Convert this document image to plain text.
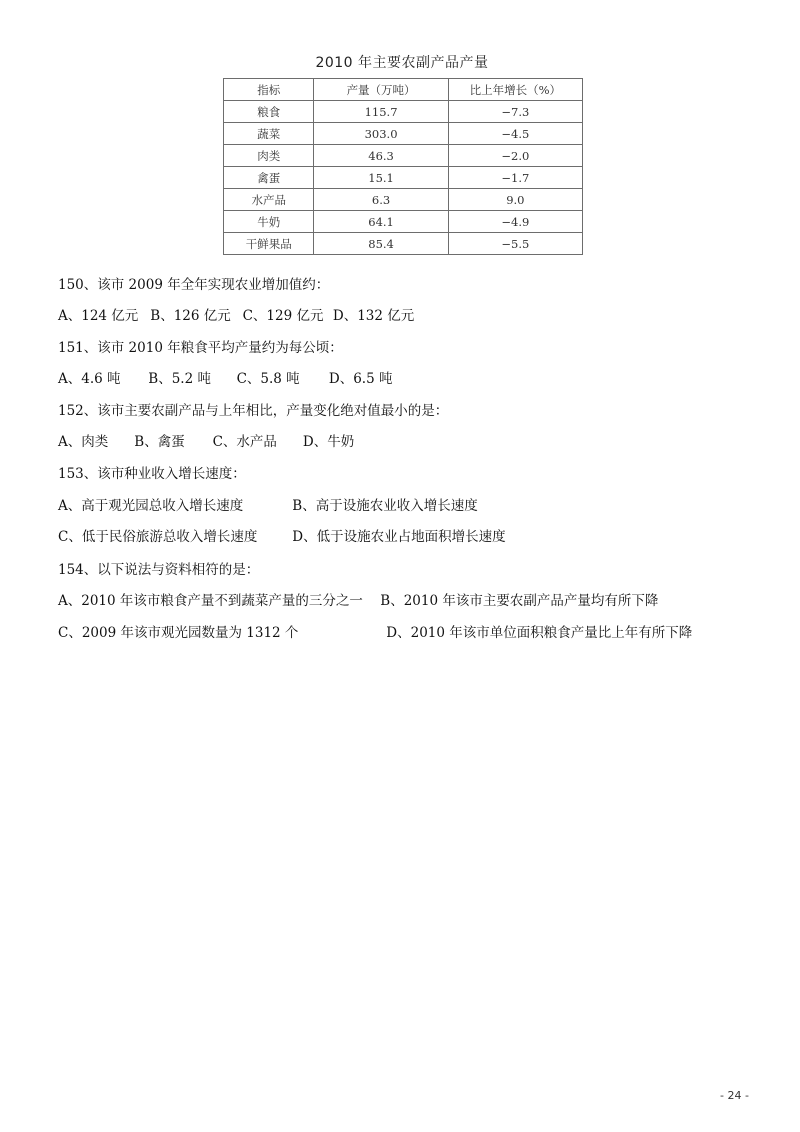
2010 年主要农副产品产量
指标	产量（万吨）	比上年增长（%）
粮食	115.7	−7.3
蔬菜	303.0	−4.5
肉类	46.3	−2.0
禽蛋	15.1	−1.7
水产品	6.3	9.0
牛奶	64.1	−4.9
干鲜果品	85.4	−5.5
150、该市 2009 年全年实现农业增加值约：
A、124 亿元 B、126 亿元 C、129 亿元 D、132 亿元
151、该市 2010 年粮食平均产量约为每公顷：
A、4.6 吨 B、5.2 吨 C、5.8 吨 D、6.5 吨
152、该市主要农副产品与上年相比，产量变化绝对值最小的是：
A、肉类 B、禽蛋 C、水产品 D、牛奶
153、该市种业收入增长速度：
A、高于观光园总收入增长速度	B、高于设施农业收入增长速度
C、低于民俗旅游总收入增长速度	D、低于设施农业占地面积增长速度
154、以下说法与资料相符的是：
A、2010 年该市粮食产量不到蔬菜产量的三分之一 B、2010 年该市主要农副产品产量均有所下降
C、2009 年该市观光园数量为 1312 个	D、2010 年该市单位面积粮食产量比上年有所下降
- 24 -
